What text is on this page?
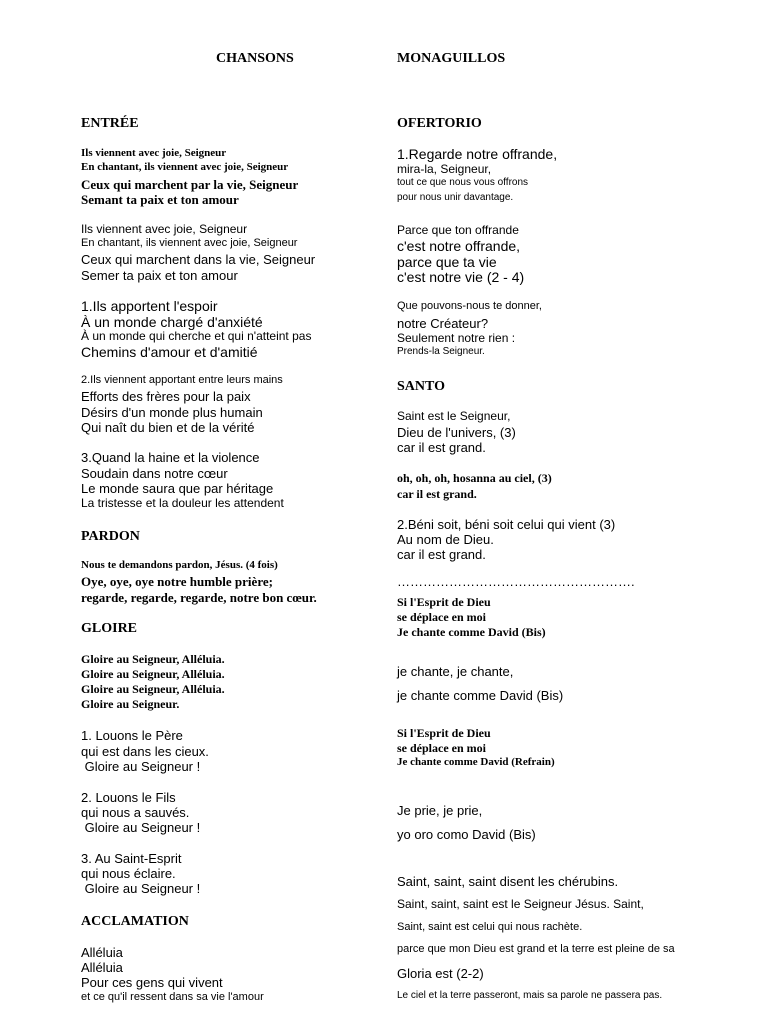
CHANSONS	MONAGUILLOS
ENTRÉE
Ils viennent avec joie, Seigneur
En chantant, ils viennent avec joie, Seigneur
Ceux qui marchent par la vie, Seigneur
Semant ta paix et ton amour
Ils viennent avec joie, Seigneur
En chantant, ils viennent avec joie, Seigneur
Ceux qui marchent dans la vie, Seigneur
Semer ta paix et ton amour
1.Ils apportent l'espoir
À un monde chargé d'anxiété
À un monde qui cherche et qui n'atteint pas
Chemins d'amour et d'amitié
2.Ils viennent apportant entre leurs mains
Efforts des frères pour la paix
Désirs d'un monde plus humain
Qui naît du bien et de la vérité
3.Quand la haine et la violence
Soudain dans notre cœur
Le monde saura que par héritage
La tristesse et la douleur les attendent
PARDON
Nous te demandons pardon, Jésus. (4 fois)
Oye, oye, oye notre humble prière;
regarde, regarde, regarde, notre bon cœur.
GLOIRE
Gloire au Seigneur, Alléluia.
Gloire au Seigneur, Alléluia.
Gloire au Seigneur, Alléluia.
Gloire au Seigneur.
1. Louons le Père
qui est dans les cieux.
Gloire au Seigneur !
2. Louons le Fils
qui nous a sauvés.
Gloire au Seigneur !
3. Au Saint-Esprit
qui nous éclaire.
Gloire au Seigneur !
ACCLAMATION
Alléluia
Alléluia
Pour ces gens qui vivent
et ce qu'il ressent dans sa vie l'amour
OFERTORIO
1.Regarde notre offrande,
mira-la, Seigneur,
tout ce que nous vous offrons
pour nous unir davantage.
Parce que ton offrande
c'est notre offrande,
parce que ta vie
c'est notre vie (2 - 4)
Que pouvons-nous te donner,
notre Créateur?
Seulement notre rien :
Prends-la Seigneur.
SANTO
Saint est le Seigneur,
Dieu de l'univers, (3)
car il est grand.
oh, oh, oh, hosanna au ciel, (3)
car il est grand.
2.Béni soit, béni soit celui qui vient (3)
Au nom de Dieu.
car il est grand.
……………………………………………….
Si l'Esprit de Dieu
se déplace en moi
Je chante comme David (Bis)
je chante, je chante,
je chante comme David (Bis)
Si l'Esprit de Dieu
se déplace en moi
Je chante comme David (Refrain)
Je prie, je prie,
yo oro como David (Bis)
Saint, saint, saint disent les chérubins.
Saint, saint, saint est le Seigneur Jésus. Saint,
Saint, saint est celui qui nous rachète.
parce que mon Dieu est grand et la terre est pleine de sa
Gloria est (2-2)
Le ciel et la terre passeront, mais sa parole ne passera pas.
